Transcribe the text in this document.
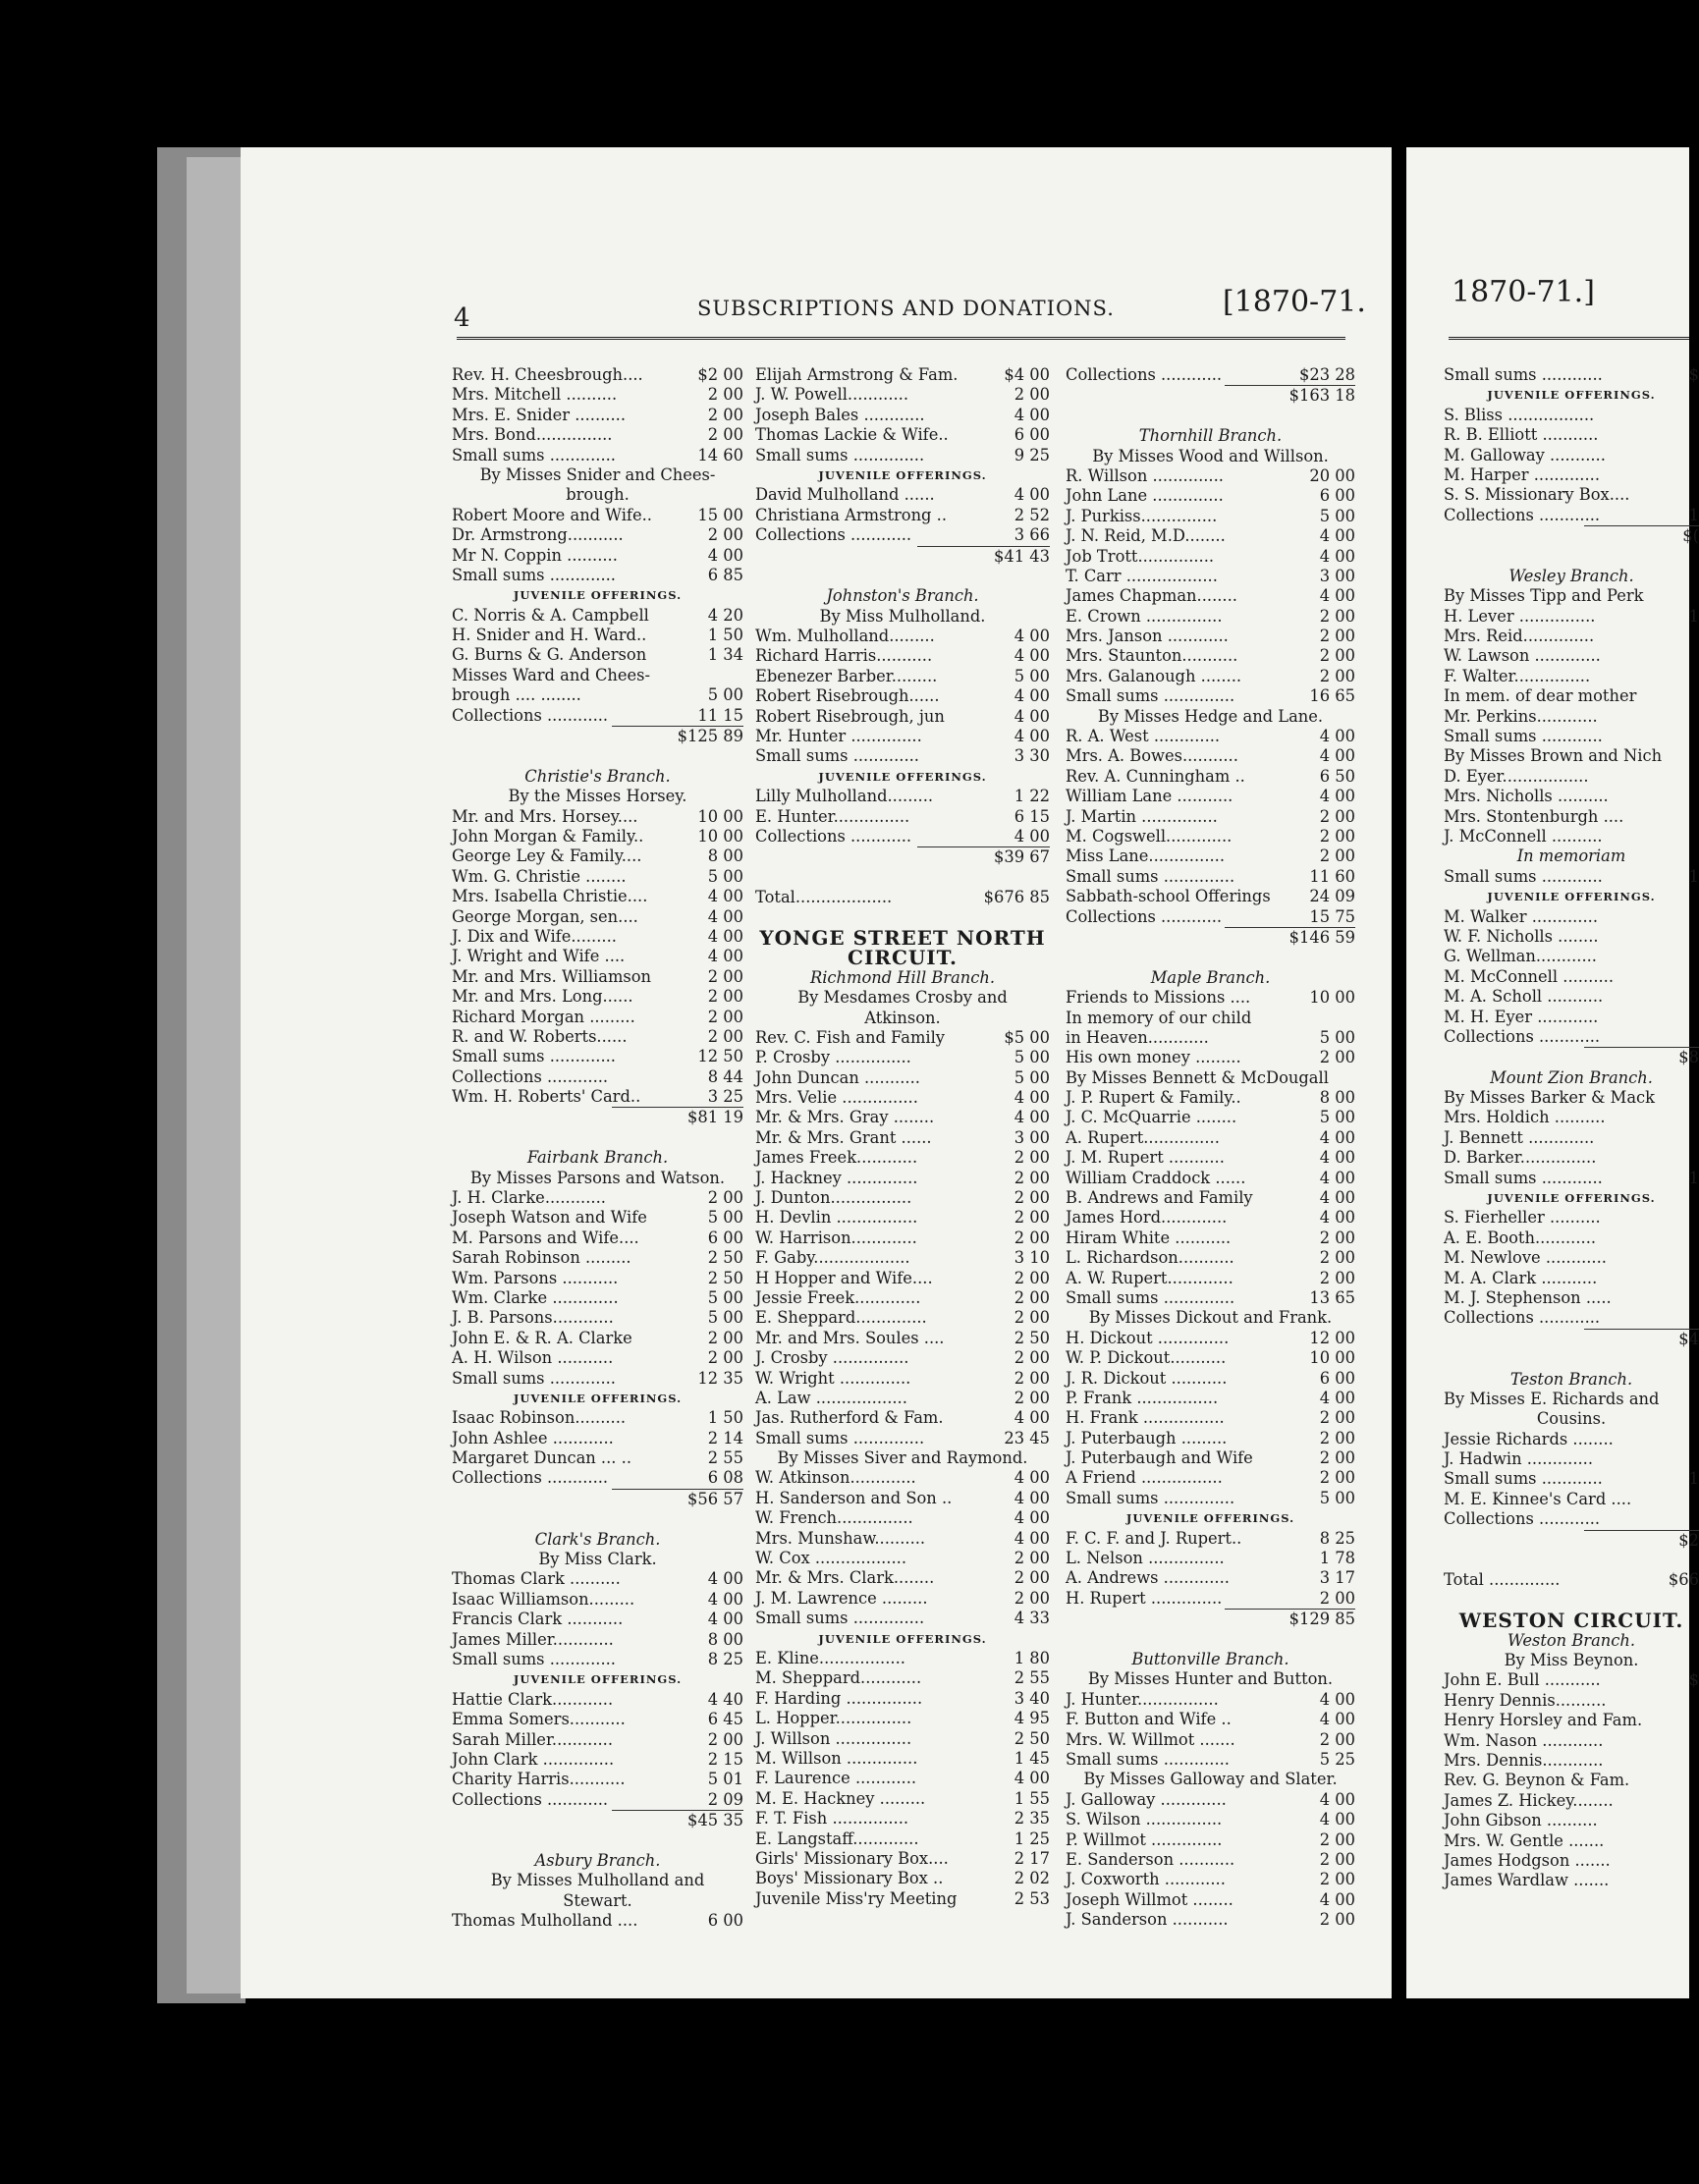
4	SUBSCRIPTIONS AND DONATIONS.	[1870-71.	1870-71.]
Rev. H. Cheesbrough....	$2 00
Mrs. Mitchell ..........	2 00
Mrs. E. Snider ..........	2 00
Mrs. Bond...............	2 00
Small sums .............	14 60
By Misses Snider and Chees-
brough.
Robert Moore and Wife..	15 00
Dr. Armstrong...........	2 00
Mr N. Coppin ..........	4 00
Small sums .............	6 85
JUVENILE OFFERINGS.
C. Norris & A. Campbell	4 20
H. Snider and H. Ward..	1 50
G. Burns & G. Anderson	1 34
Misses Ward and Chees-
brough .... ........	5 00
Collections ............	11 15
$125 89
Christie's Branch.
By the Misses Horsey.
Mr. and Mrs. Horsey....	10 00
John Morgan & Family..	10 00
George Ley & Family....	8 00
Wm. G. Christie ........	5 00
Mrs. Isabella Christie....	4 00
George Morgan, sen....	4 00
J. Dix and Wife.........	4 00
J. Wright and Wife ....	4 00
Mr. and Mrs. Williamson	2 00
Mr. and Mrs. Long......	2 00
Richard Morgan .........	2 00
R. and W. Roberts......	2 00
Small sums .............	12 50
Collections ............	8 44
Wm. H. Roberts' Card..	3 25
$81 19
Fairbank Branch.
By Misses Parsons and Watson.
J. H. Clarke............	2 00
Joseph Watson and Wife	5 00
M. Parsons and Wife....	6 00
Sarah Robinson .........	2 50
Wm. Parsons ...........	2 50
Wm. Clarke .............	5 00
J. B. Parsons............	5 00
John E. & R. A. Clarke	2 00
A. H. Wilson ...........	2 00
Small sums .............	12 35
JUVENILE OFFERINGS.
Isaac Robinson..........	1 50
John Ashlee ............	2 14
Margaret Duncan ... ..	2 55
Collections ............	6 08
$56 57
Clark's Branch.
By Miss Clark.
Thomas Clark ..........	4 00
Isaac Williamson.........	4 00
Francis Clark ...........	4 00
James Miller............	8 00
Small sums .............	8 25
JUVENILE OFFERINGS.
Hattie Clark............	4 40
Emma Somers...........	6 45
Sarah Miller............	2 00
John Clark ..............	2 15
Charity Harris...........	5 01
Collections ............	2 09
$45 35
Asbury Branch.
By Misses Mulholland and
Stewart.
Thomas Mulholland ....	6 00
Elijah Armstrong & Fam.	$4 00
J. W. Powell............	2 00
Joseph Bales ............	4 00
Thomas Lackie & Wife..	6 00
Small sums ..............	9 25
JUVENILE OFFERINGS.
David Mulholland ......	4 00
Christiana Armstrong ..	2 52
Collections ............	3 66
$41 43
Johnston's Branch.
By Miss Mulholland.
Wm. Mulholland.........	4 00
Richard Harris...........	4 00
Ebenezer Barber.........	5 00
Robert Risebrough......	4 00
Robert Risebrough, jun	4 00
Mr. Hunter ..............	4 00
Small sums .............	3 30
JUVENILE OFFERINGS.
Lilly Mulholland.........	1 22
E. Hunter...............	6 15
Collections ............	4 00
$39 67
Total...................	$676 85
YONGE STREET NORTH
CIRCUIT.
Richmond Hill Branch.
By Mesdames Crosby and
Atkinson.
Rev. C. Fish and Family	$5 00
P. Crosby ...............	5 00
John Duncan ...........	5 00
Mrs. Velie ...............	4 00
Mr. & Mrs. Gray ........	4 00
Mr. & Mrs. Grant ......	3 00
James Freek............	2 00
J. Hackney ..............	2 00
J. Dunton................	2 00
H. Devlin ................	2 00
W. Harrison.............	2 00
F. Gaby...................	3 10
H Hopper and Wife....	2 00
Jessie Freek.............	2 00
E. Sheppard..............	2 00
Mr. and Mrs. Soules ....	2 50
J. Crosby ...............	2 00
W. Wright ..............	2 00
A. Law ..................	2 00
Jas. Rutherford & Fam.	4 00
Small sums ..............	23 45
By Misses Siver and Raymond.
W. Atkinson.............	4 00
H. Sanderson and Son ..	4 00
W. French...............	4 00
Mrs. Munshaw..........	4 00
W. Cox ..................	2 00
Mr. & Mrs. Clark........	2 00
J. M. Lawrence .........	2 00
Small sums ..............	4 33
JUVENILE OFFERINGS.
E. Kline.................	1 80
M. Sheppard............	2 55
F. Harding ...............	3 40
L. Hopper...............	4 95
J. Willson ...............	2 50
M. Willson ..............	1 45
F. Laurence ............	4 00
M. E. Hackney .........	1 55
F. T. Fish ...............	2 35
E. Langstaff.............	1 25
Girls' Missionary Box....	2 17
Boys' Missionary Box ..	2 02
Juvenile Miss'ry Meeting	2 53
Collections ............	$23 28
$163 18
Thornhill Branch.
By Misses Wood and Willson.
R. Willson ..............	20 00
John Lane ..............	6 00
J. Purkiss...............	5 00
J. N. Reid, M.D........	4 00
Job Trott...............	4 00
T. Carr ..................	3 00
James Chapman........	4 00
E. Crown ...............	2 00
Mrs. Janson ............	2 00
Mrs. Staunton...........	2 00
Mrs. Galanough ........	2 00
Small sums ..............	16 65
By Misses Hedge and Lane.
R. A. West .............	4 00
Mrs. A. Bowes...........	4 00
Rev. A. Cunningham ..	6 50
William Lane ...........	4 00
J. Martin ...............	2 00
M. Cogswell.............	2 00
Miss Lane...............	2 00
Small sums ..............	11 60
Sabbath-school Offerings	24 09
Collections ............	15 75
$146 59
Maple Branch.
Friends to Missions ....	10 00
In memory of our child
in Heaven............	5 00
His own money .........	2 00
By Misses Bennett & McDougall
J. P. Rupert & Family..	8 00
J. C. McQuarrie ........	5 00
A. Rupert...............	4 00
J. M. Rupert ...........	4 00
William Craddock ......	4 00
B. Andrews and Family	4 00
James Hord.............	4 00
Hiram White ...........	2 00
L. Richardson...........	2 00
A. W. Rupert.............	2 00
Small sums ..............	13 65
By Misses Dickout and Frank.
H. Dickout ..............	12 00
W. P. Dickout...........	10 00
J. R. Dickout ...........	6 00
P. Frank ................	4 00
H. Frank ................	2 00
J. Puterbaugh .........	2 00
J. Puterbaugh and Wife	2 00
A Friend ................	2 00
Small sums ..............	5 00
JUVENILE OFFERINGS.
F. C. F. and J. Rupert..	8 25
L. Nelson ...............	1 78
A. Andrews .............	3 17
H. Rupert ..............	2 00
$129 85
Buttonville Branch.
By Misses Hunter and Button.
J. Hunter................	4 00
F. Button and Wife ..	4 00
Mrs. W. Willmot .......	2 00
Small sums .............	5 25
By Misses Galloway and Slater.
J. Galloway .............	4 00
S. Wilson ...............	4 00
P. Willmot ..............	2 00
E. Sanderson ...........	2 00
J. Coxworth ............	2 00
Joseph Willmot ........	4 00
J. Sanderson ...........	2 00
Small sums ............	$
JUVENILE OFFERINGS.
S. Bliss .................
R. B. Elliott ...........
M. Galloway ...........
M. Harper .............
S. S. Missionary Box....
Collections ............	1
$(
Wesley Branch.
By Misses Tipp and Perk
H. Lever ...............	1
Mrs. Reid..............
W. Lawson .............
F. Walter...............
In mem. of dear mother
Mr. Perkins............
Small sums ............
By Misses Brown and Nich
D. Eyer.................
Mrs. Nicholls ..........
Mrs. Stontenburgh ....
J. McConnell ..........
In memoriam
Small sums ............	1
JUVENILE OFFERINGS.
M. Walker .............
W. F. Nicholls ........
G. Wellman............
M. McConnell ..........
M. A. Scholl ...........
M. H. Eyer ............
Collections ............
$8
Mount Zion Branch.
By Misses Barker & Mack
Mrs. Holdich ..........
J. Bennett .............
D. Barker...............
Small sums ............	1
JUVENILE OFFERINGS.
S. Fierheller ..........
A. E. Booth............
M. Newlove ............
M. A. Clark ...........
M. J. Stephenson .....
Collections ............
$4
Teston Branch.
By Misses E. Richards and
Cousins.
Jessie Richards ........
J. Hadwin .............
Small sums ............	1
M. E. Kinnee's Card ....
Collections ............
$2
Total ..............	$66
WESTON CIRCUIT.
Weston Branch.
By Miss Beynon.
John E. Bull ...........	$
Henry Dennis..........
Henry Horsley and Fam.
Wm. Nason ............
Mrs. Dennis............
Rev. G. Beynon & Fam.
James Z. Hickey........
John Gibson ..........
Mrs. W. Gentle .......
James Hodgson .......
James Wardlaw .......
